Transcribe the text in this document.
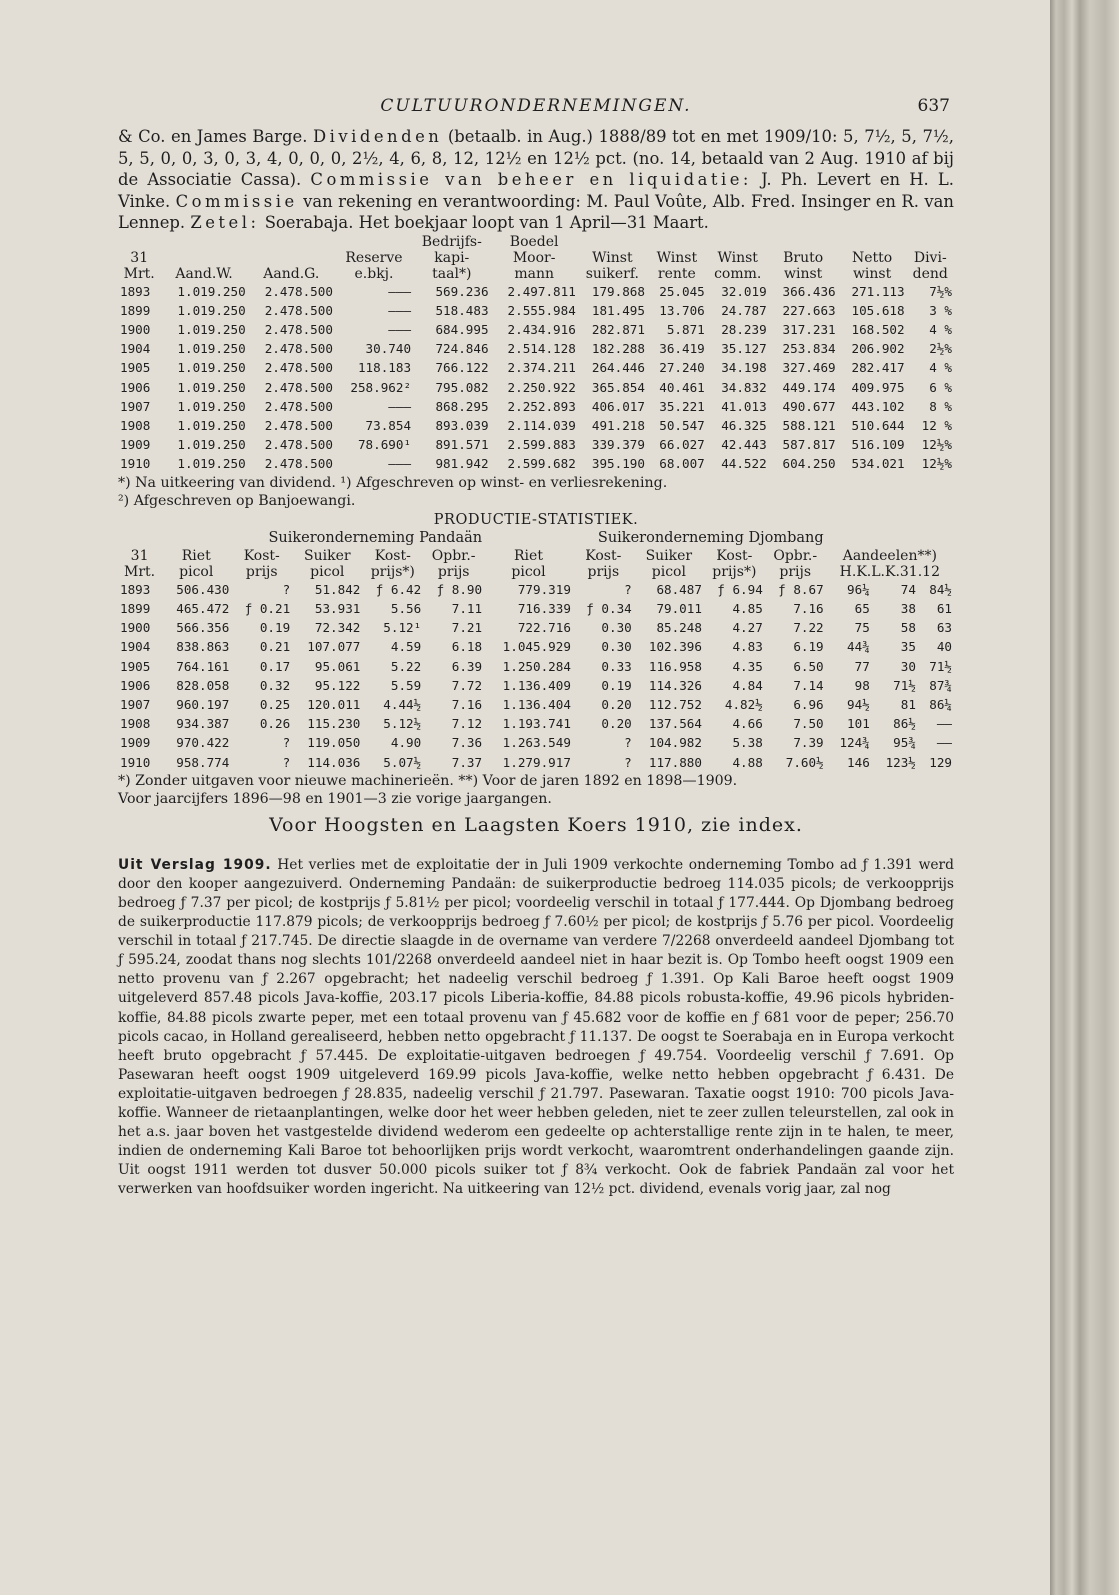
CULTUURONDERNEMINGEN.	637

& Co. en James Barge. Dividenden (betaalb. in Aug.) 1888/89 tot en met 1909/10: 5, 7½, 5, 7½, 5, 5, 0, 0, 3, 0, 3, 4, 0, 0, 0, 2½, 4, 6, 8, 12, 12½ en 12½ pct. (no. 14, betaald van 2 Aug. 1910 af bij de Associatie Cassa). Commissie van beheer en liquidatie: J. Ph. Levert en H. L. Vinke. Commissie van rekening en verantwoording: M. Paul Voûte, Alb. Fred. Insinger en R. van Lennep. Zetel: Soerabaja. Het boekjaar loopt van 1 April—31 Maart.

				Bedrijfs-	Boedel						
31			Reserve	kapi-	Moor-	Winst	Winst	Winst	Bruto	Netto	Divi-
Mrt.	Aand.W.	Aand.G.	e.bkj.	taal*)	mann	suikerf.	rente	comm.	winst	winst	dend
1893	1.019.250	2.478.500	———	569.236	2.497.811	179.868	25.045	32.019	366.436	271.113	7½%
1899	1.019.250	2.478.500	———	518.483	2.555.984	181.495	13.706	24.787	227.663	105.618	3 %
1900	1.019.250	2.478.500	———	684.995	2.434.916	282.871	5.871	28.239	317.231	168.502	4 %
1904	1.019.250	2.478.500	30.740	724.846	2.514.128	182.288	36.419	35.127	253.834	206.902	2½%
1905	1.019.250	2.478.500	118.183	766.122	2.374.211	264.446	27.240	34.198	327.469	282.417	4 %
1906	1.019.250	2.478.500	258.962²	795.082	2.250.922	365.854	40.461	34.832	449.174	409.975	6 %
1907	1.019.250	2.478.500	———	868.295	2.252.893	406.017	35.221	41.013	490.677	443.102	8 %
1908	1.019.250	2.478.500	73.854	893.039	2.114.039	491.218	50.547	46.325	588.121	510.644	12 %
1909	1.019.250	2.478.500	78.690¹	891.571	2.599.883	339.379	66.027	42.443	587.817	516.109	12½%
1910	1.019.250	2.478.500	———	981.942	2.599.682	395.190	68.007	44.522	604.250	534.021	12½%

*) Na uitkeering van dividend. ¹) Afgeschreven op winst- en verliesrekening.

²) Afgeschreven op Banjoewangi.

PRODUCTIE-STATISTIEK.
	Suikeronderneming Pandaän					Suikeronderneming Djombang							
31	Riet	Kost-	Suiker	Kost-	Opbr.-	Riet	Kost-	Suiker	Kost-	Opbr.-	Aandeelen**)		
Mrt.	picol	prijs	picol	prijs*)	prijs	picol	prijs	picol	prijs*)	prijs	H.K.L.K.31.12		
1893	506.430	?	51.842	ƒ 6.42	ƒ 8.90	779.319	?	68.487	ƒ 6.94	ƒ 8.67	96¼	74	84½
1899	465.472	ƒ 0.21	53.931	5.56	7.11	716.339	ƒ 0.34	79.011	4.85	7.16	65	38	61
1900	566.356	0.19	72.342	5.12¹	7.21	722.716	0.30	85.248	4.27	7.22	75	58	63
1904	838.863	0.21	107.077	4.59	6.18	1.045.929	0.30	102.396	4.83	6.19	44¾	35	40
1905	764.161	0.17	95.061	5.22	6.39	1.250.284	0.33	116.958	4.35	6.50	77	30	71½
1906	828.058	0.32	95.122	5.59	7.72	1.136.409	0.19	114.326	4.84	7.14	98	71½	87¾
1907	960.197	0.25	120.011	4.44½	7.16	1.136.404	0.20	112.752	4.82½	6.96	94½	81	86¼
1908	934.387	0.26	115.230	5.12½	7.12	1.193.741	0.20	137.564	4.66	7.50	101	86½	——
1909	970.422	?	119.050	4.90	7.36	1.263.549	?	104.982	5.38	7.39	124¾	95¾	——
1910	958.774	?	114.036	5.07½	7.37	1.279.917	?	117.880	4.88	7.60½	146	123½	129

*) Zonder uitgaven voor nieuwe machinerieën. **) Voor de jaren 1892 en 1898—1909.

Voor jaarcijfers 1896—98 en 1901—3 zie vorige jaargangen.

Voor Hoogsten en Laagsten Koers 1910, zie index.

Uit Verslag 1909. Het verlies met de exploitatie der in Juli 1909 verkochte onderneming Tombo ad ƒ 1.391 werd door den kooper aangezuiverd. Onderneming Pandaän: de suikerproductie bedroeg 114.035 picols; de verkoopprijs bedroeg ƒ 7.37 per picol; de kostprijs ƒ 5.81½ per picol; voordeelig verschil in totaal ƒ 177.444. Op Djombang bedroeg de suikerproductie 117.879 picols; de verkoopprijs bedroeg ƒ 7.60½ per picol; de kostprijs ƒ 5.76 per picol. Voordeelig verschil in totaal ƒ 217.745. De directie slaagde in de overname van verdere 7/2268 onverdeeld aandeel Djombang tot ƒ 595.24, zoodat thans nog slechts 101/2268 onverdeeld aandeel niet in haar bezit is. Op Tombo heeft oogst 1909 een netto provenu van ƒ 2.267 opgebracht; het nadeelig verschil bedroeg ƒ 1.391. Op Kali Baroe heeft oogst 1909 uitgeleverd 857.48 picols Java-koffie, 203.17 picols Liberia-koffie, 84.88 picols robusta-koffie, 49.96 picols hybriden-koffie, 84.88 picols zwarte peper, met een totaal provenu van ƒ 45.682 voor de koffie en ƒ 681 voor de peper; 256.70 picols cacao, in Holland gerealiseerd, hebben netto opgebracht ƒ 11.137. De oogst te Soerabaja en in Europa verkocht heeft bruto opgebracht ƒ 57.445. De exploitatie-uitgaven bedroegen ƒ 49.754. Voordeelig verschil ƒ 7.691. Op Pasewaran heeft oogst 1909 uitgeleverd 169.99 picols Java-koffie, welke netto hebben opgebracht ƒ 6.431. De exploitatie-uitgaven bedroegen ƒ 28.835, nadeelig verschil ƒ 21.797. Pasewaran. Taxatie oogst 1910: 700 picols Java-koffie. Wanneer de rietaanplantingen, welke door het weer hebben geleden, niet te zeer zullen teleurstellen, zal ook in het a.s. jaar boven het vastgestelde dividend wederom een gedeelte op achterstallige rente zijn in te halen, te meer, indien de onderneming Kali Baroe tot behoorlijken prijs wordt verkocht, waaromtrent onderhandelingen gaande zijn. Uit oogst 1911 werden tot dusver 50.000 picols suiker tot ƒ 8¾ verkocht. Ook de fabriek Pandaän zal voor het verwerken van hoofdsuiker worden ingericht. Na uitkeering van 12½ pct. dividend, evenals vorig jaar, zal nog
